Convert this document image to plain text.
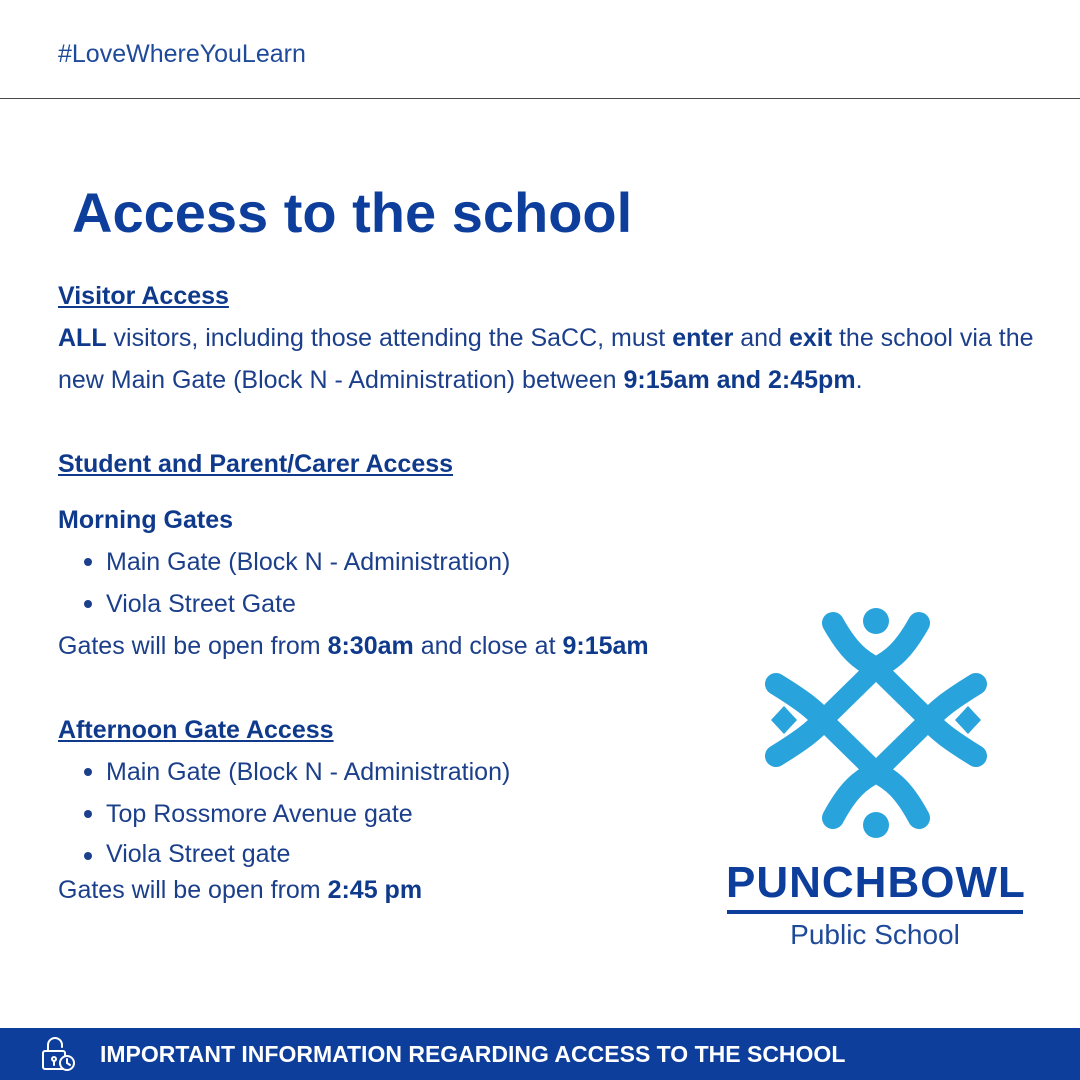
#LoveWhereYouLearn
Access to the school

Visitor Access

ALL visitors, including those attending the SaCC, must enter and exit the school via the new Main Gate (Block N - Administration) between 9:15am and 2:45pm.

Student and Parent/Carer Access

Morning Gates

Main Gate (Block N - Administration)
Viola Street Gate

Gates will be open from 8:30am and close at 9:15am

Afternoon Gate Access

Main Gate (Block N - Administration)
Top Rossmore Avenue gate
Viola Street gate

Gates will be open from 2:45 pm	PUNCHBOWL
Public School
IMPORTANT INFORMATION REGARDING ACCESS TO THE SCHOOL
